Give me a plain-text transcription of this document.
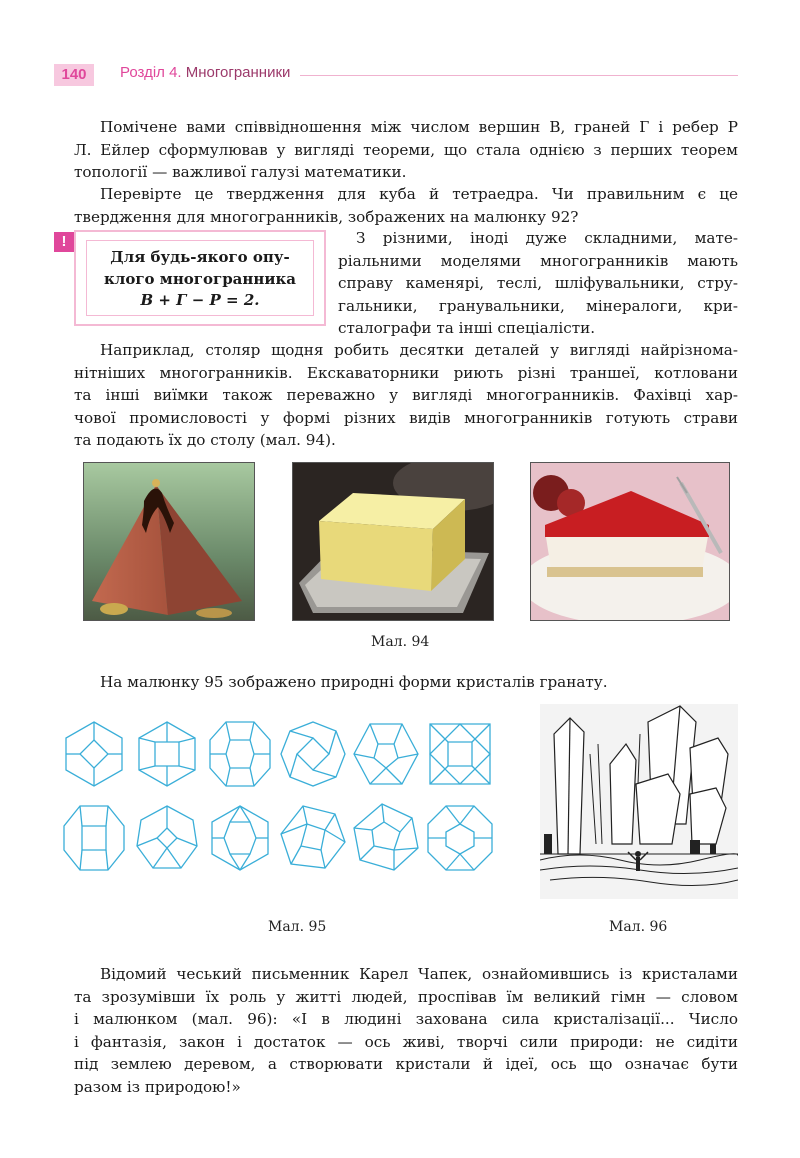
140	Розділ 4. Многогранники
Помічене вами співвідношення між числом вершин В, граней Г і ребер Р
Л. Ейлер сформулював у вигляді теореми, що стала однією з перших теорем
топології — важливої галузі математики.
Перевірте це твердження для куба й тетраедра. Чи правильним є це
твердження для многогранників, зображених на малюнку 92?
!
Для будь-якого опу-
клого многогранника
В + Г − Р = 2.
З різними, іноді дуже складними, мате-
ріальними моделями многогранників мають
справу каменярі, теслі, шліфувальники, стру-
гальники, гранувальники, мінералоги, кри-
сталографи та інші спеціалісти.
Наприклад, столяр щодня робить десятки деталей у вигляді найрізнома-
нітніших многогранників. Екскаваторники риють різні траншеї, котловани
та інші виїмки також переважно у вигляді многогранників. Фахівці хар-
чової промисловості у формі різних видів многогранників готують страви
та подають їх до столу (мал. 94).
Мал. 94
На малюнку 95 зображено природні форми кристалів гранату.
Мал. 95	Мал. 96
Відомий чеський письменник Карел Чапек, ознайомившись із кристалами
та зрозумівши їх роль у житті людей, проспівав їм великий гімн — словом
і малюнком (мал. 96): «І в людині захована сила кристалізації... Число
і фантазія, закон і достаток — ось живі, творчі сили природи: не сидіти
під землею деревом, а створювати кристали й ідеї, ось що означає бути
разом із природою!»
